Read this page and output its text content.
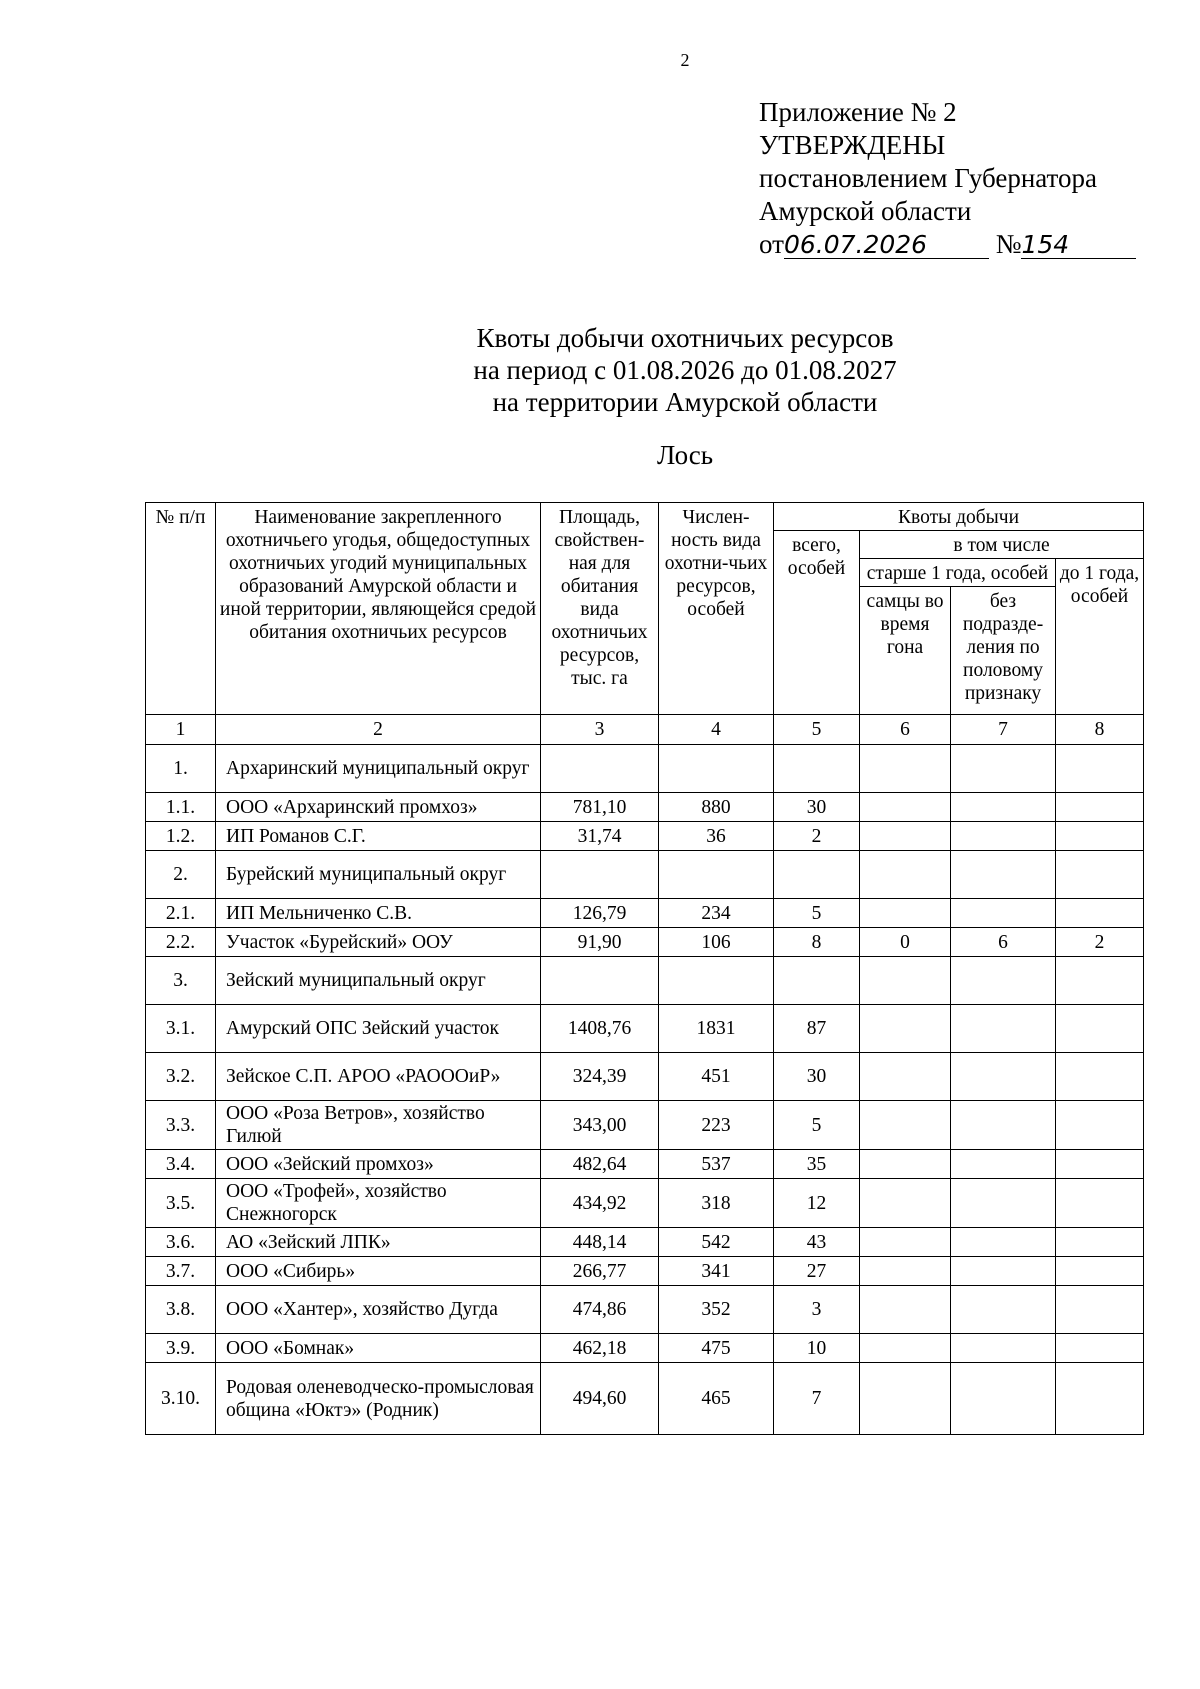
2
Приложение № 2
УТВЕРЖДЕНЫ
постановлением Губернатора
Амурской области
от06.07.2026	№154
Квоты добычи охотничьих ресурсов
на период с 01.08.2026 до 01.08.2027
на территории Амурской области
Лось
№ п/п	Наименование закрепленного охотничьего угодья, общедоступных охотничьих угодий муниципальных образований Амурской области и иной территории, являющейся средой обитания охотничьих ресурсов	Площадь, свойствен-ная для обитания вида охотничьих ресурсов, тыс. га	Числен-ность вида охотни-чьих ресурсов, особей	Квоты добычи			
				всего, особей	в том числе		
					старше 1 года, особей		до 1 года, особей
					самцы во время гона	без подразде-ления по половому признаку	
1	2	3	4	5	6	7	8
1.	Архаринский муниципальный округ						
1.1.	ООО «Архаринский промхоз»	781,10	880	30			
1.2.	ИП Романов С.Г.	31,74	36	2			
2.	Бурейский муниципальный округ						
2.1.	ИП Мельниченко С.В.	126,79	234	5			
2.2.	Участок «Бурейский» ООУ	91,90	106	8	0	6	2
3.	Зейский муниципальный округ						
3.1.	Амурский ОПС Зейский участок	1408,76	1831	87			
3.2.	Зейское С.П. АРОО «РАОООиР»	324,39	451	30			
3.3.	ООО «Роза Ветров», хозяйство Гилюй	343,00	223	5			
3.4.	ООО «Зейский промхоз»	482,64	537	35			
3.5.	ООО «Трофей», хозяйство Снежногорск	434,92	318	12			
3.6.	АО «Зейский ЛПК»	448,14	542	43			
3.7.	ООО «Сибирь»	266,77	341	27			
3.8.	ООО «Хантер», хозяйство Дугда	474,86	352	3			
3.9.	ООО «Бомнак»	462,18	475	10			
3.10.	Родовая оленеводческо-промысловая община «Юктэ» (Родник)	494,60	465	7			
